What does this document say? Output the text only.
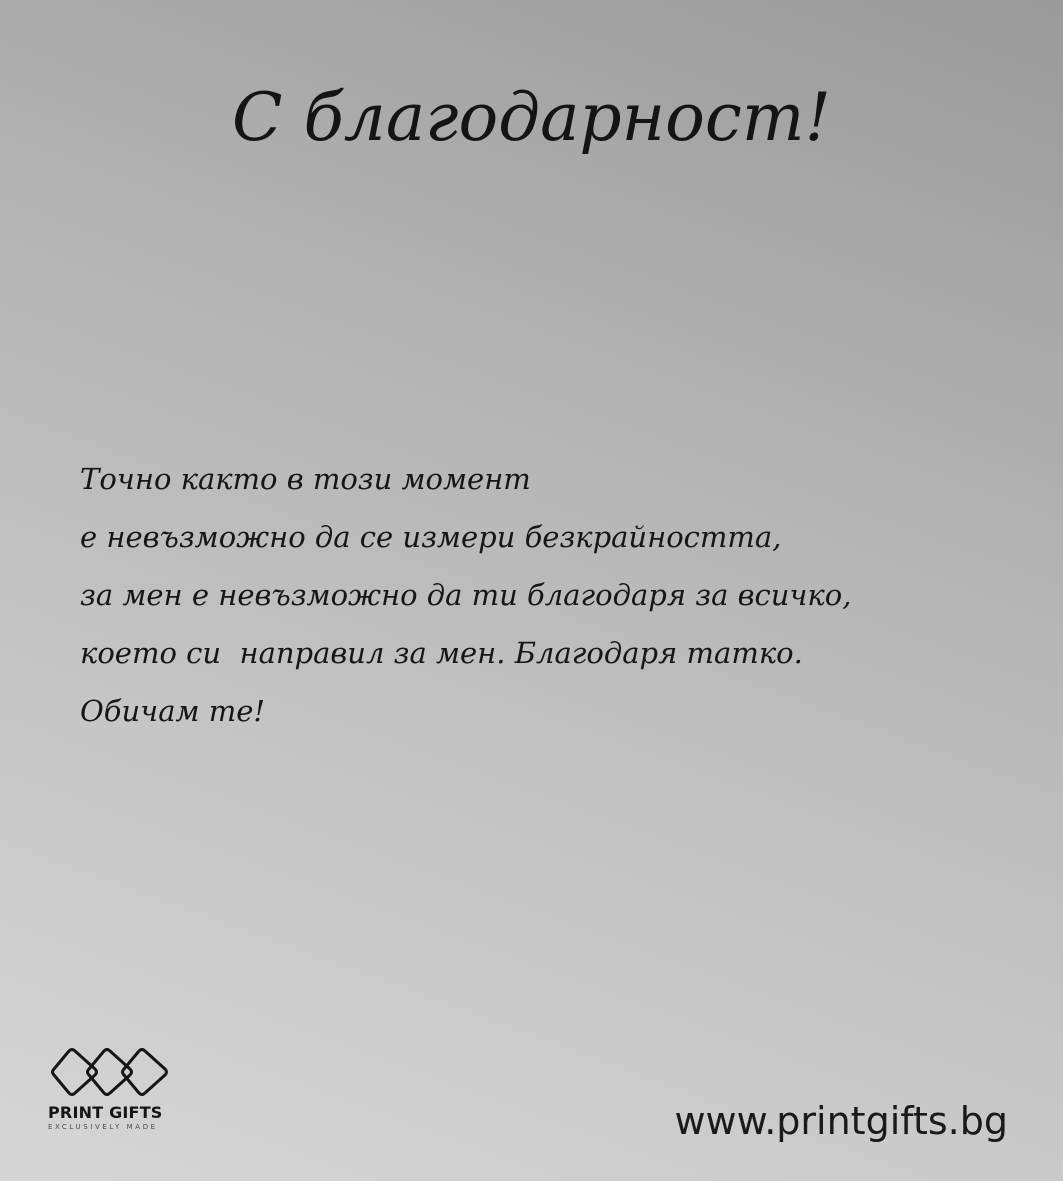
С благодарност!
Точно както в този момент
е невъзможно да се измери безкрайността,
за мен е невъзможно да ти благодаря за всичко,
което си  направил за мен. Благодаря татко.
Обичам те!
PRINT GIFTS
EXCLUSIVELY MADE	www.printgifts.bg
